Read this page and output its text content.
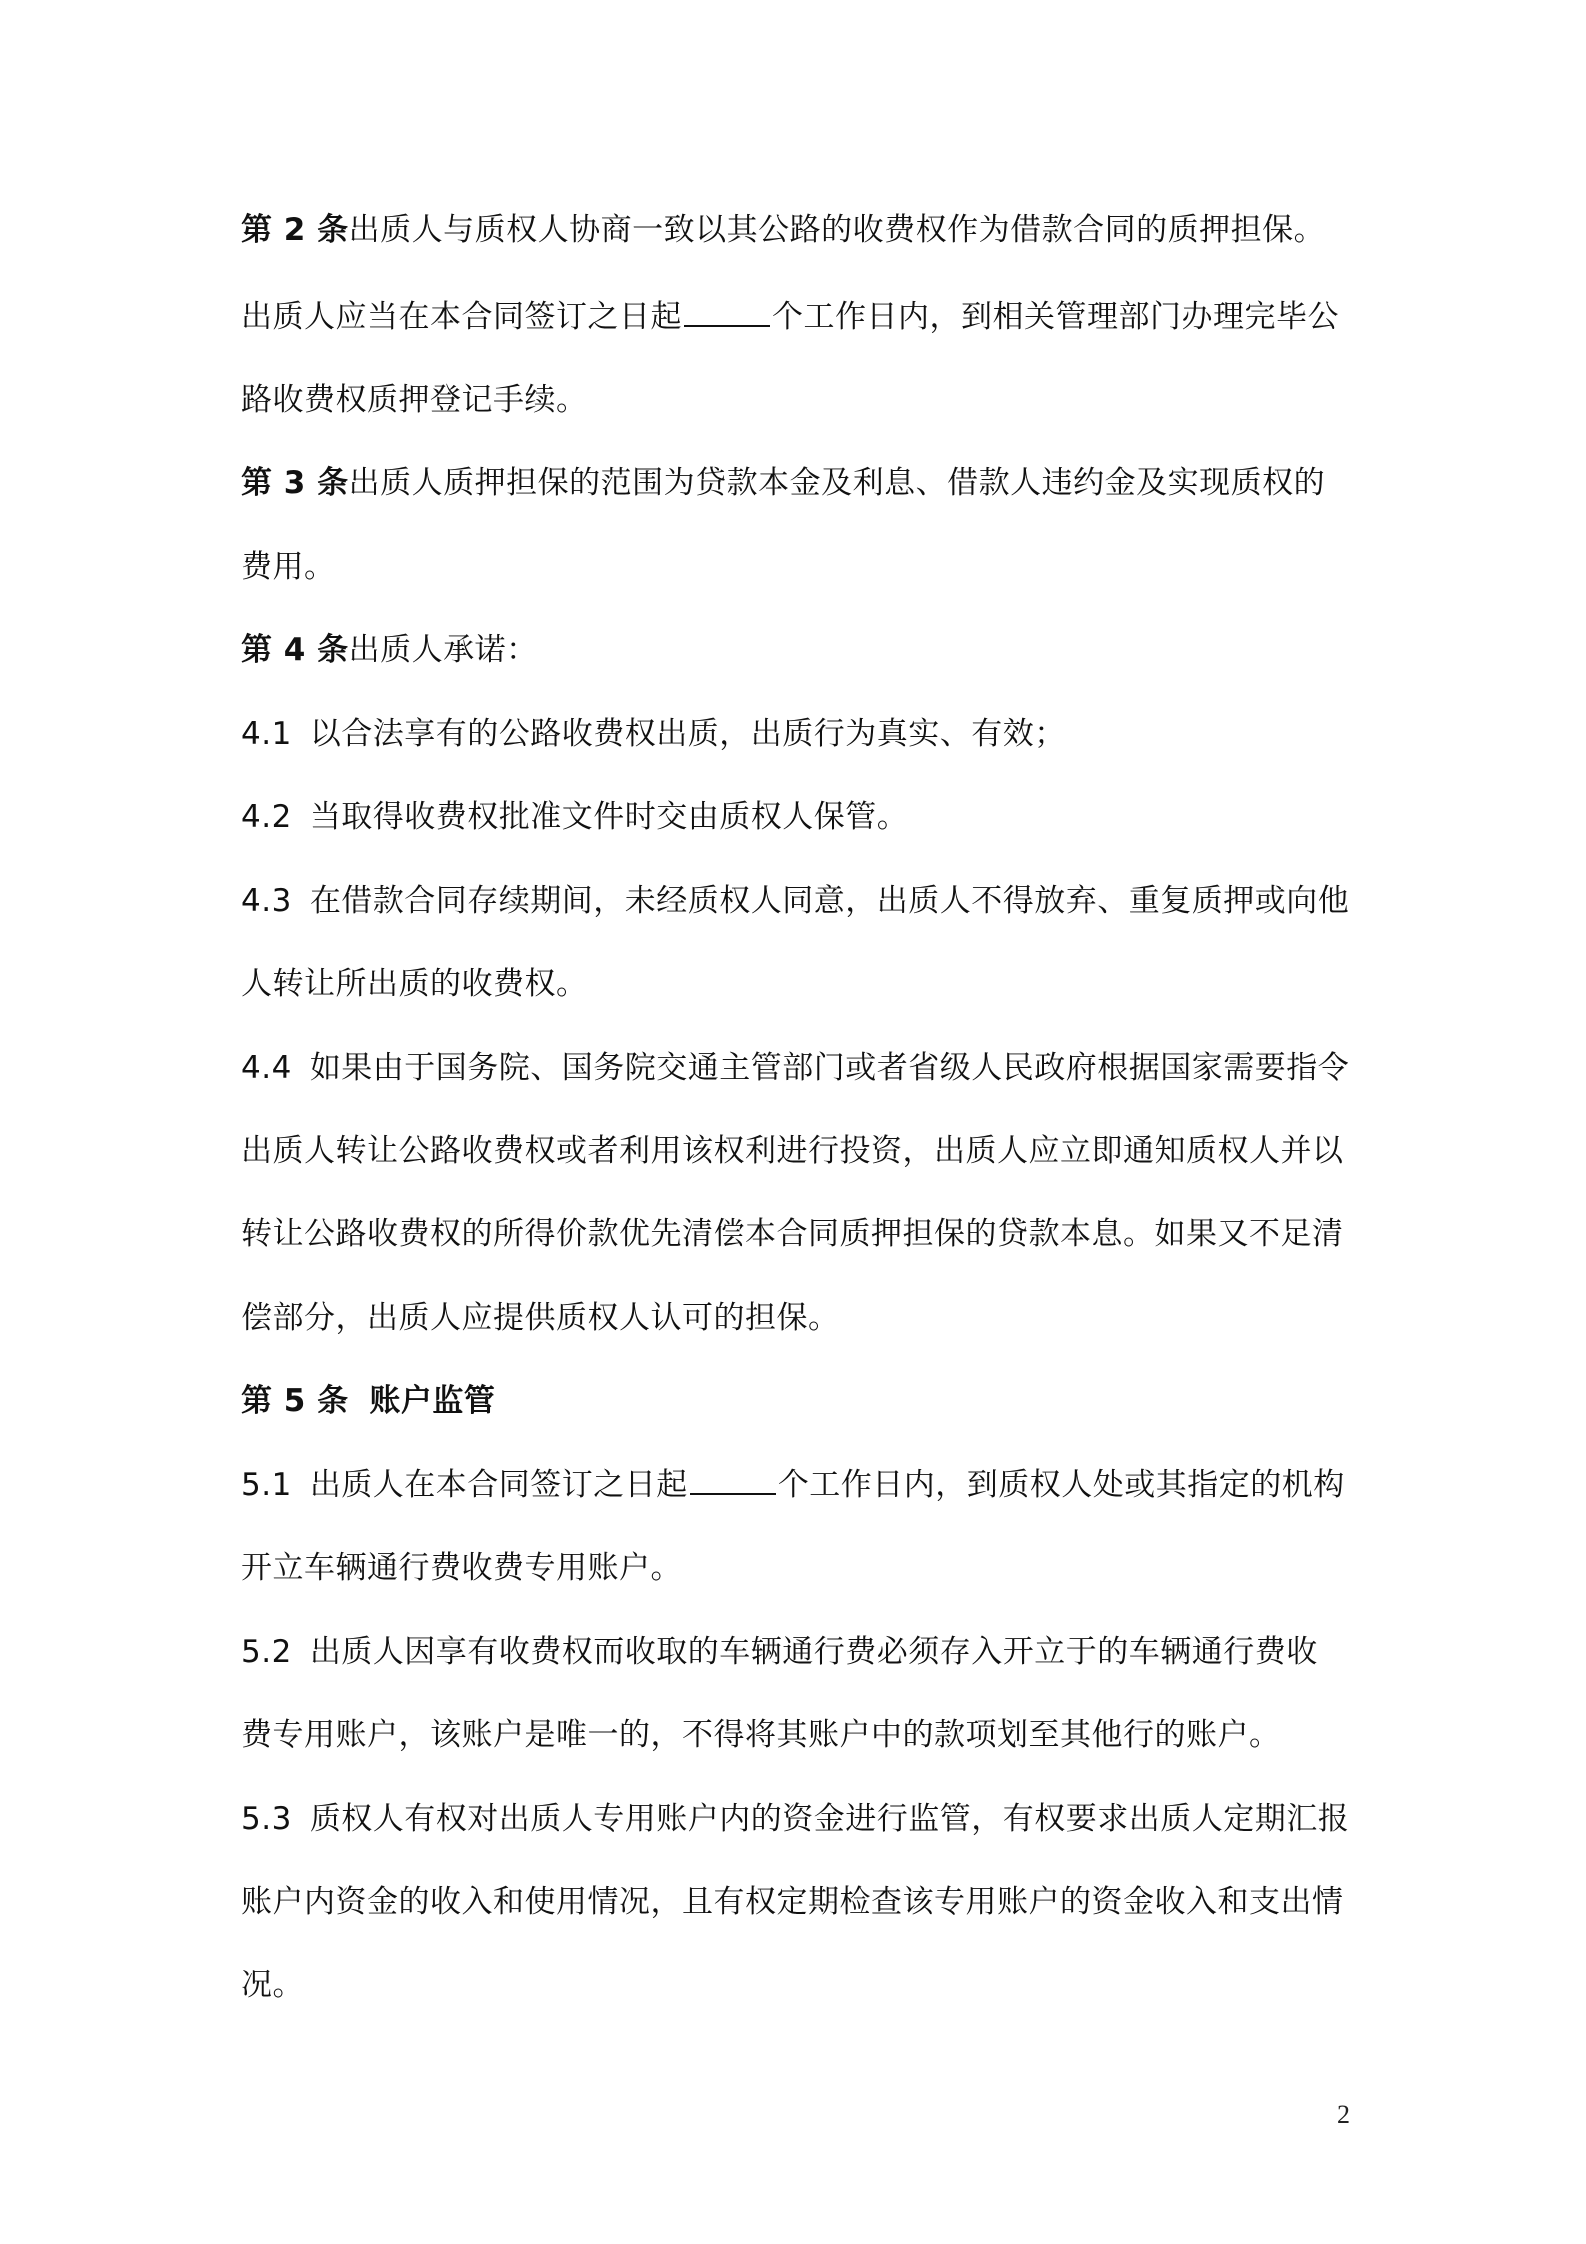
第 2 条出质人与质权人协商一致以其公路的收费权作为借款合同的质押担保。
出质人应当在本合同签订之日起	个工作日内，到相关管理部门办理完毕公
路收费权质押登记手续。
第 3 条出质人质押担保的范围为贷款本金及利息、借款人违约金及实现质权的
费用。
第 4 条出质人承诺：
4.1 以合法享有的公路收费权出质，出质行为真实、有效；
4.2 当取得收费权批准文件时交由质权人保管。
4.3 在借款合同存续期间，未经质权人同意，出质人不得放弃、重复质押或向他
人转让所出质的收费权。
4.4 如果由于国务院、国务院交通主管部门或者省级人民政府根据国家需要指令
出质人转让公路收费权或者利用该权利进行投资，出质人应立即通知质权人并以
转让公路收费权的所得价款优先清偿本合同质押担保的贷款本息。如果又不足清
偿部分，出质人应提供质权人认可的担保。
第 5 条 账户监管
5.1 出质人在本合同签订之日起	个工作日内，到质权人处或其指定的机构
开立车辆通行费收费专用账户。
5.2 出质人因享有收费权而收取的车辆通行费必须存入开立于的车辆通行费收
费专用账户，该账户是唯一的，不得将其账户中的款项划至其他行的账户。
5.3 质权人有权对出质人专用账户内的资金进行监管，有权要求出质人定期汇报
账户内资金的收入和使用情况，且有权定期检查该专用账户的资金收入和支出情
况。
2
